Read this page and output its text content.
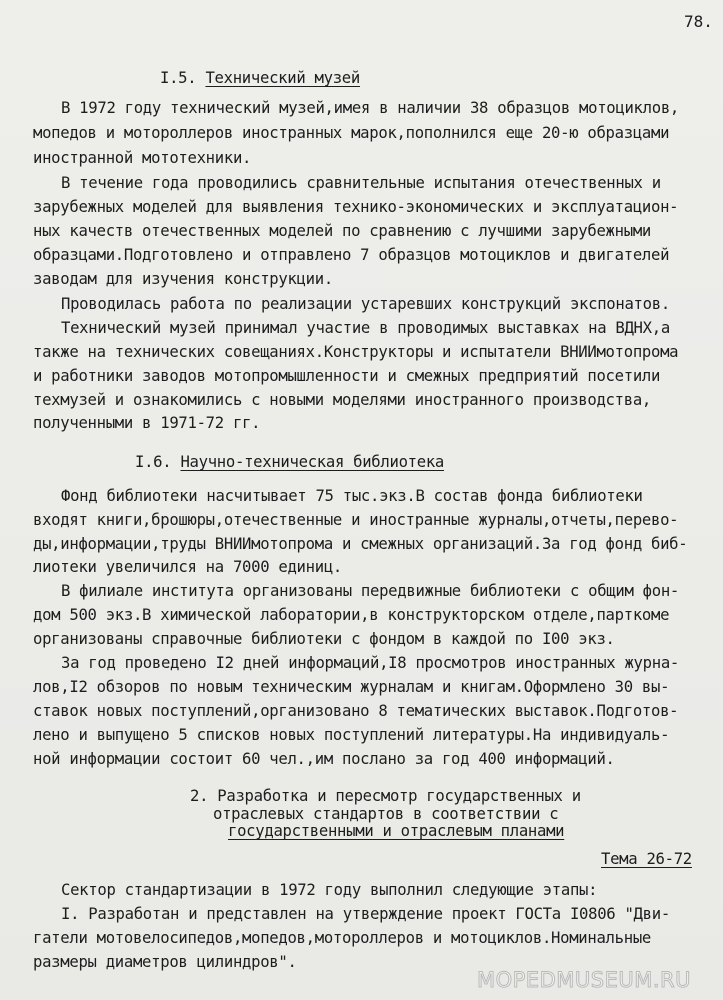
78.
I.5. Технический музей
В 1972 году технический музей,имея в наличии 38 образцов мотоциклов,
мопедов и мотороллеров иностранных марок,пополнился еще 20-ю образцами
иностранной мототехники.
В течение года проводились сравнительные испытания отечественных и
зарубежных моделей для выявления технико-экономических и эксплуатацион-
ных качеств отечественных моделей по сравнению с лучшими зарубежными
образцами.Подготовлено и отправлено 7 образцов мотоциклов и двигателей
заводам для изучения конструкции.
Проводилась работа по реализации устаревших конструкций экспонатов.
Технический музей принимал участие в проводимых выставках на ВДНХ,а
также на технических совещаниях.Конструкторы и испытатели ВНИИмотопрома
и работники заводов мотопромышленности и смежных предприятий посетили
техмузей и ознакомились с новыми моделями иностранного производства,
полученными в 1971-72 гг.
I.6. Научно-техническая библиотека
Фонд библиотеки насчитывает 75 тыс.экз.В состав фонда библиотеки
входят книги,брошюры,отечественные и иностранные журналы,отчеты,перево-
ды,информации,труды ВНИИмотопрома и смежных организаций.За год фонд биб-
лиотеки увеличился на 7000 единиц.
В филиале института организованы передвижные библиотеки с общим фон-
дом 500 экз.В химической лаборатории,в конструкторском отделе,парткоме
организованы справочные библиотеки с фондом в каждой по I00 экз.
За год проведено I2 дней информаций,I8 просмотров иностранных журна-
лов,I2 обзоров по новым техническим журналам и книгам.Оформлено 30 вы-
ставок новых поступлений,организовано 8 тематических выставок.Подготов-
лено и выпущено 5 списков новых поступлений литературы.На индивидуаль-
ной информации состоит 60 чел.,им послано за год 400 информаций.
2. Разработка и пересмотр государственных и
отраслевых стандартов в соответствии с
государственными и отраслевым планами
Тема 26-72
Сектор стандартизации в 1972 году выполнил следующие этапы:
I. Разработан и представлен на утверждение проект ГОСТа I0806 "Дви-
гатели мотовелосипедов,мопедов,мотороллеров и мотоциклов.Номинальные
размеры диаметров цилиндров".
MOPEDMUSEUM.RU
